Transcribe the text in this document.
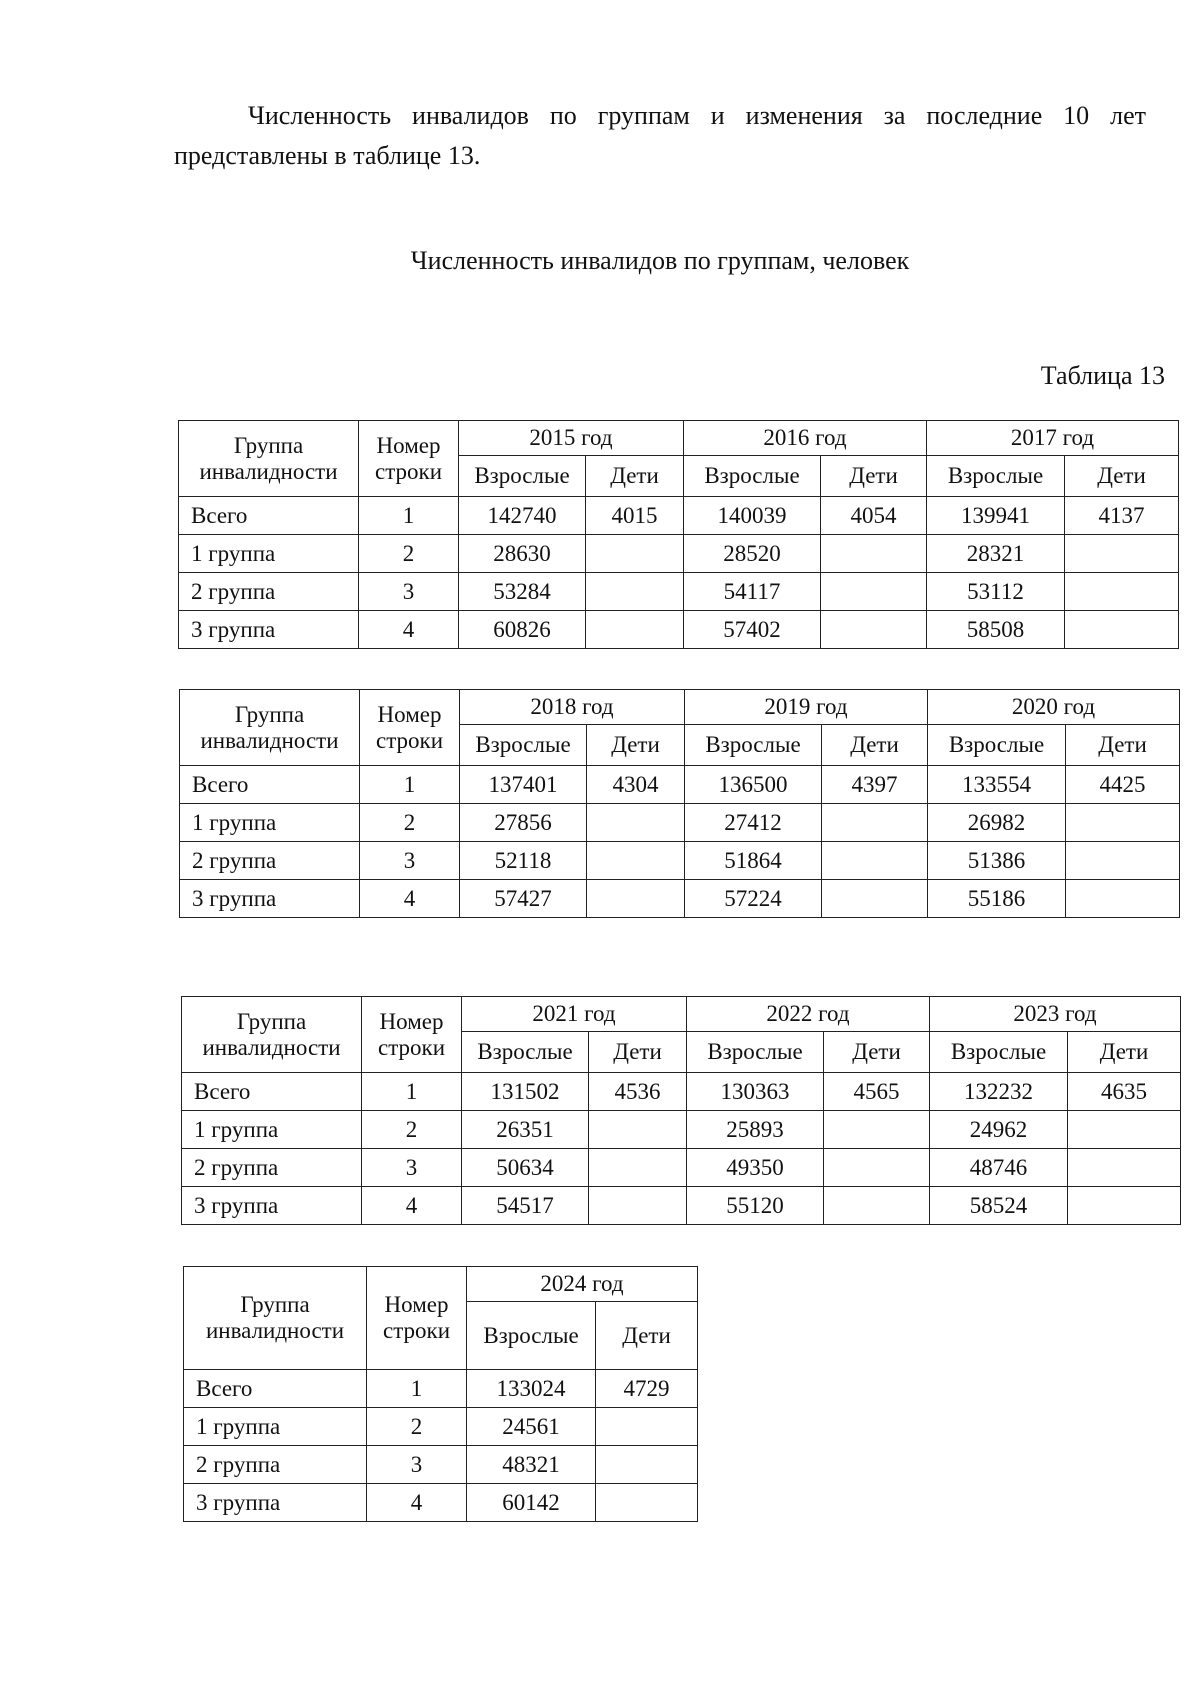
Численность инвалидов по группам и изменения за последние 10 лет представлены в таблице 13.

Численность инвалидов по группам, человек

Таблица 13

Группа инвалидности	Номер строки	2015 год		2016 год		2017 год	
		Взрослые	Дети	Взрослые	Дети	Взрослые	Дети
Всего	1	142740	4015	140039	4054	139941	4137
1 группа	2	28630		28520		28321	
2 группа	3	53284		54117		53112	
3 группа	4	60826		57402		58508	
Группа инвалидности	Номер строки	2018 год		2019 год		2020 год	
		Взрослые	Дети	Взрослые	Дети	Взрослые	Дети
Всего	1	137401	4304	136500	4397	133554	4425
1 группа	2	27856		27412		26982	
2 группа	3	52118		51864		51386	
3 группа	4	57427		57224		55186	
Группа инвалидности	Номер строки	2021 год		2022 год		2023 год	
		Взрослые	Дети	Взрослые	Дети	Взрослые	Дети
Всего	1	131502	4536	130363	4565	132232	4635
1 группа	2	26351		25893		24962	
2 группа	3	50634		49350		48746	
3 группа	4	54517		55120		58524	
Группа инвалидности	Номер строки	2024 год	
		Взрослые	Дети
Всего	1	133024	4729
1 группа	2	24561	
2 группа	3	48321	
3 группа	4	60142	
